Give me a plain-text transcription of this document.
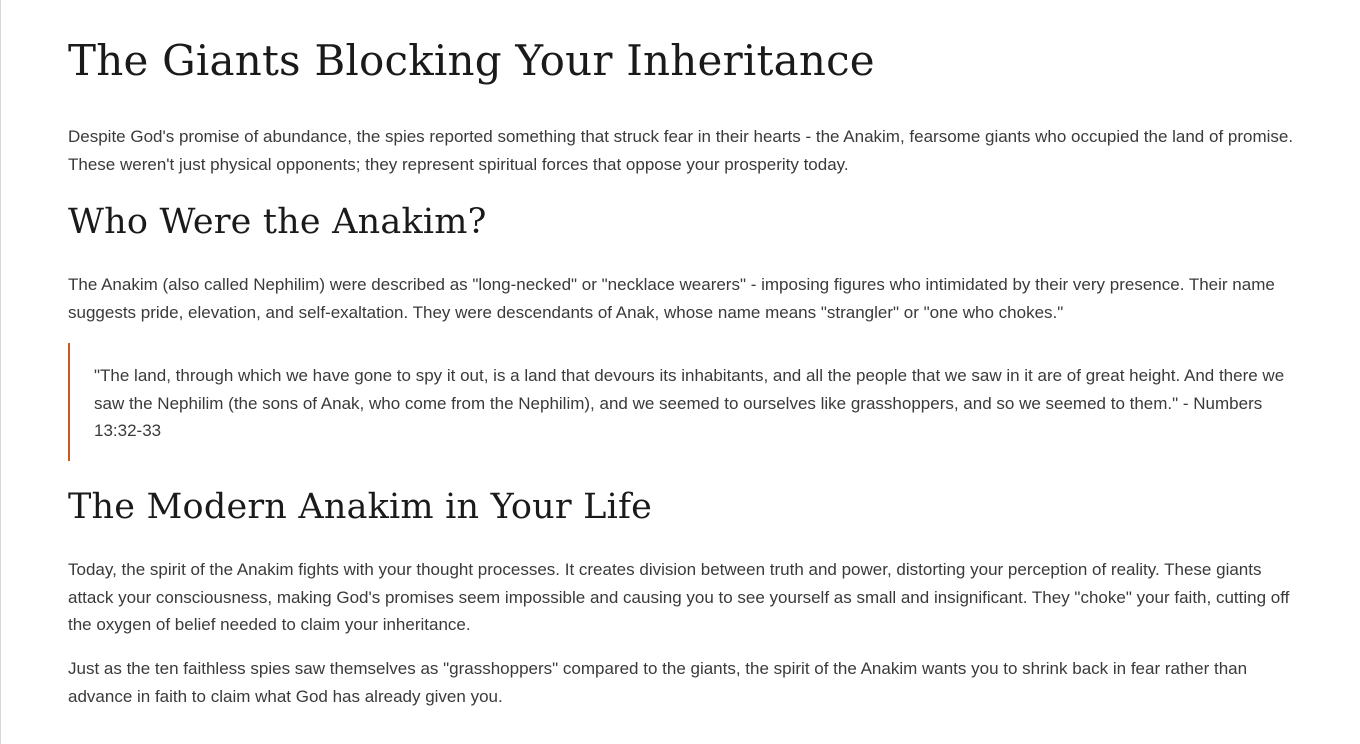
The Giants Blocking Your Inheritance

Despite God's promise of abundance, the spies reported something that struck fear in their hearts - the Anakim, fearsome giants who occupied the land of promise. These weren't just physical opponents; they represent spiritual forces that oppose your prosperity today.

Who Were the Anakim?

The Anakim (also called Nephilim) were described as "long-necked" or "necklace wearers" - imposing figures who intimidated by their very presence. Their name suggests pride, elevation, and self-exaltation. They were descendants of Anak, whose name means "strangler" or "one who chokes."

"The land, through which we have gone to spy it out, is a land that devours its inhabitants, and all the people that we saw in it are of great height. And there we saw the Nephilim (the sons of Anak, who come from the Nephilim), and we seemed to ourselves like grasshoppers, and so we seemed to them." - Numbers 13:32-33

The Modern Anakim in Your Life

Today, the spirit of the Anakim fights with your thought processes. It creates division between truth and power, distorting your perception of reality. These giants attack your consciousness, making God's promises seem impossible and causing you to see yourself as small and insignificant. They "choke" your faith, cutting off the oxygen of belief needed to claim your inheritance.

Just as the ten faithless spies saw themselves as "grasshoppers" compared to the giants, the spirit of the Anakim wants you to shrink back in fear rather than advance in faith to claim what God has already given you.
